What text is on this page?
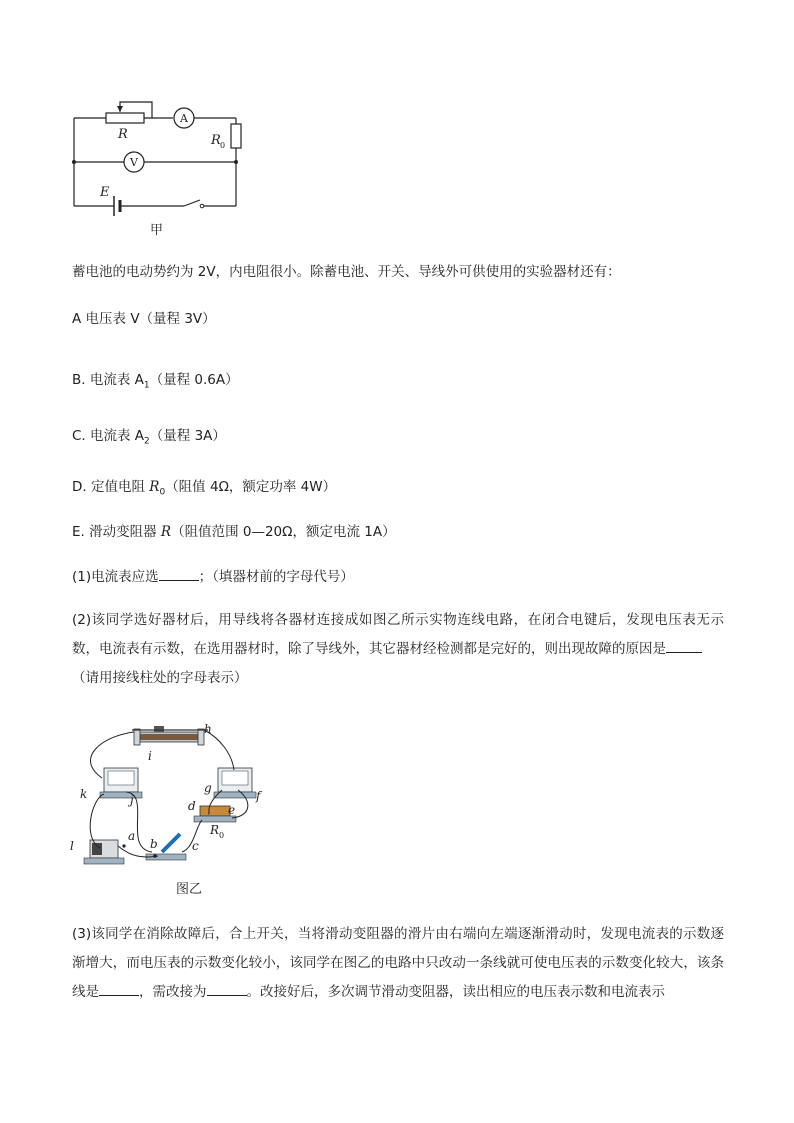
R
A
R 0
V
E
甲
蓄电池的电动势约为 2V，内电阻很小。除蓄电池、开关、导线外可供使用的实验器材还有：
A 电压表 V（量程 3V）
B. 电流表 $A_1$（量程 0.6A）
C. 电流表 $A_2$（量程 3A）
D. 定值电阻 $R_0$（阻值 4Ω，额定功率 4W）
E. 滑动变阻器 R（阻值范围 0—20Ω，额定电流 1A）
(1)电流表应选	；（填器材前的字母代号）
(2)该同学选好器材后，用导线将各器材连接成如图乙所示实物连线电路，在闭合电键后，发现电压表无示数，电流表有示数，在选用器材时，除了导线外，其它器材经检测都是完好的，则出现故障的原因是
（请用接线柱处的字母表示）
h
i
g
k	j	d	e
f
R 0
l
a
b	c
图乙
(3)该同学在消除故障后，合上开关，当将滑动变阻器的滑片由右端向左端逐渐滑动时，发现电流表的示数逐渐增大，而电压表的示数变化较小，该同学在图乙的电路中只改动一条线就可使电压表的示数变化较大，该条线是	，需改接为	。改接好后，多次调节滑动变阻器，读出相应的电压表示数和电流表示
